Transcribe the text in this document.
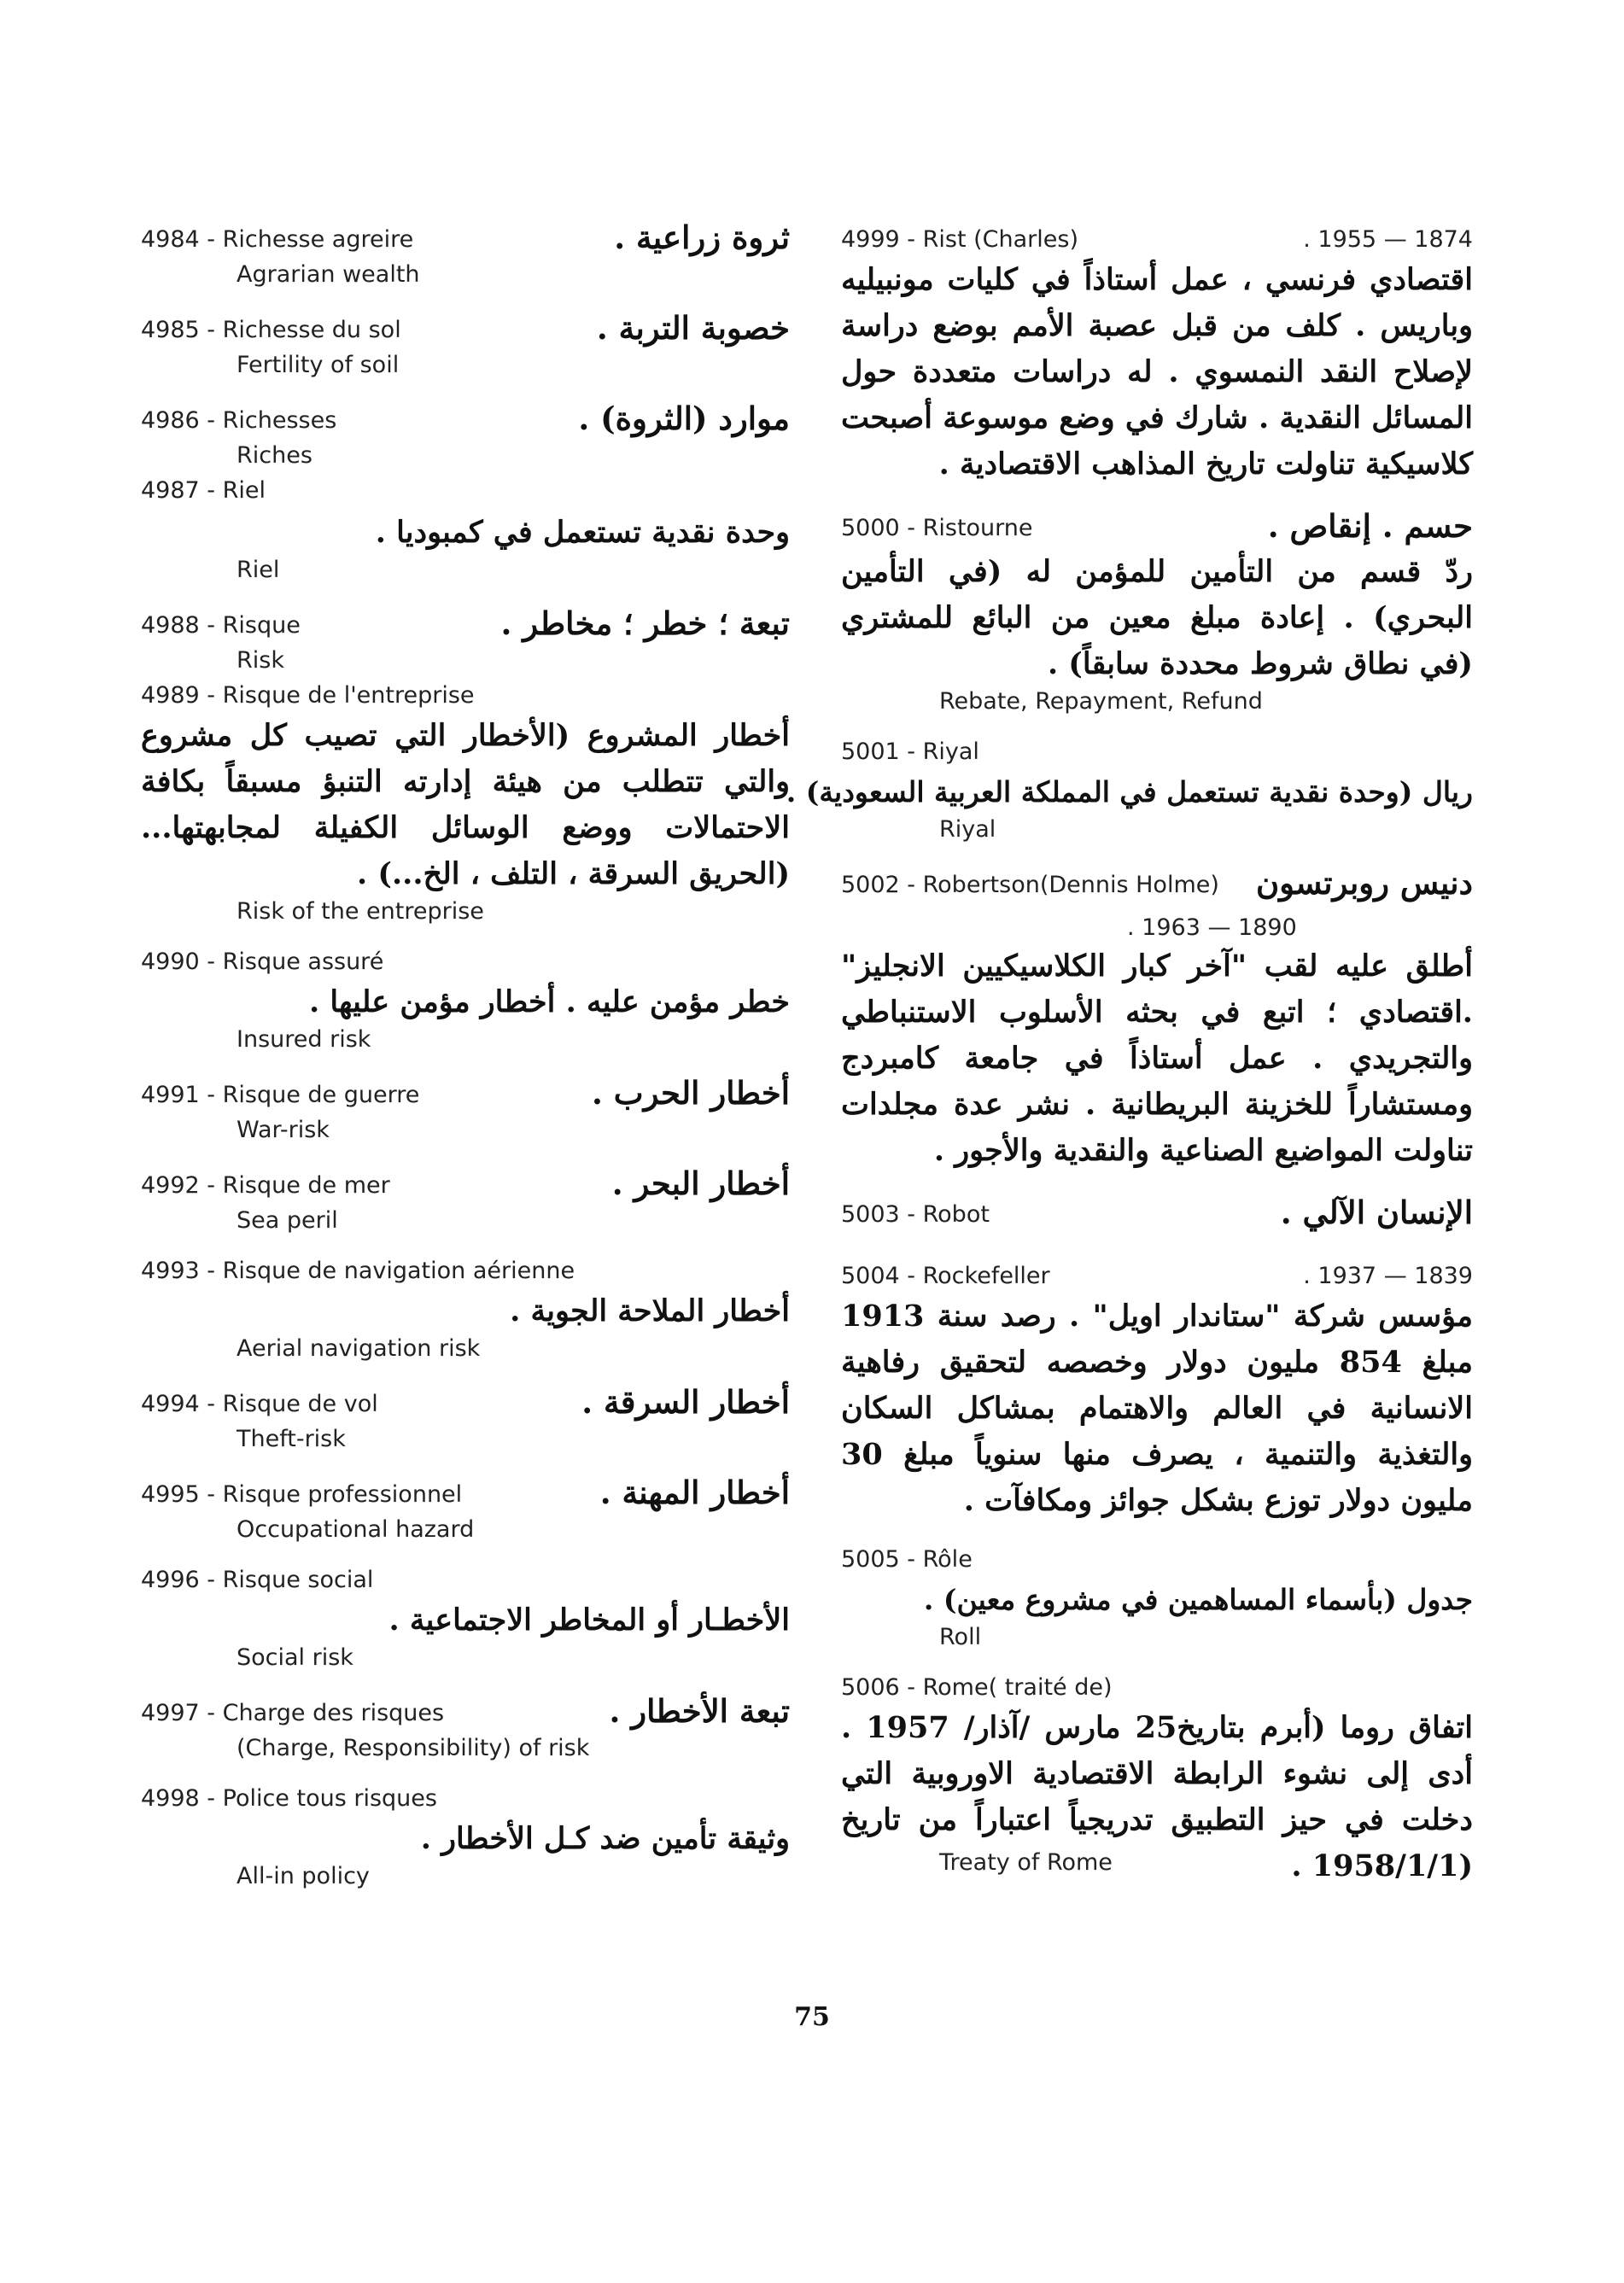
4984 - Richesse agreire	ثروة زراعية .
Agrarian wealth
4985 - Richesse du sol	خصوبة التربة .
Fertility of soil
4986 - Richesses	موارد (الثروة) .
Riches
4987 - Riel
وحدة نقدية تستعمل في كمبوديا .
Riel
4988 - Risque	تبعة ؛ خطر ؛ مخاطر .
Risk
4989 - Risque de l'entreprise
أخطار المشروع (الأخطار التي تصيب كل مشروع والتي تتطلب من هيئة إدارته التنبؤ مسبقاً بكافة الاحتمالات ووضع الوسائل الكفيلة لمجابهتها... (الحريق السرقة ، التلف ، الخ...) .
Risk of the entreprise
4990 - Risque assuré
خطر مؤمن عليه . أخطار مؤمن عليها .
Insured risk
4991 - Risque de guerre	أخطار الحرب .
War-risk
4992 - Risque de mer	أخطار البحر .
Sea peril
4993 - Risque de navigation aérienne
أخطار الملاحة الجوية .
Aerial navigation risk
4994 - Risque de vol	أخطار السرقة .
Theft-risk
4995 - Risque professionnel	أخطار المهنة .
Occupational hazard
4996 - Risque social
الأخطـار أو المخاطر الاجتماعية .
Social risk
4997 - Charge des risques	تبعة الأخطار .
(Charge, Responsibility) of risk
4998 - Police tous risques
وثيقة تأمين ضد كـل الأخطار .
All-in policy
4999 - Rist (Charles)	. 1955 — 1874
اقتصادي فرنسي ، عمل أستاذاً في كليات مونبيليه وباريس . كلف من قبل عصبة الأمم بوضع دراسة لإصلاح النقد النمسوي . له دراسات متعددة حول المسائل النقدية . شارك في وضع موسوعة أصبحت كلاسيكية تناولت تاريخ المذاهب الاقتصادية .
5000 - Ristourne	حسم . إنقاص .
ردّ قسم من التأمين للمؤمن له (في التأمين البحري) . إعادة مبلغ معين من البائع للمشتري (في نطاق شروط محددة سابقاً) .
Rebate, Repayment, Refund
5001 - Riyal
ريال (وحدة نقدية تستعمل في المملكة العربية السعودية) .
Riyal
5002 - Robertson(Dennis Holme) دنيس روبرتسون
. 1963 — 1890
أطلق عليه لقب "آخر كبار الكلاسيكيين الانجليز" .اقتصادي ؛ اتبع في بحثه الأسلوب الاستنباطي والتجريدي . عمل أستاذاً في جامعة كامبردج ومستشاراً للخزينة البريطانية . نشر عدة مجلدات تناولت المواضيع الصناعية والنقدية والأجور .
5003 - Robot	الإنسان الآلي .
5004 - Rockefeller	. 1937 — 1839
مؤسس شركة "ستاندار اويل" . رصد سنة 1913 مبلغ 854 مليون دولار وخصصه لتحقيق رفاهية الانسانية في العالم والاهتمام بمشاكل السكان والتغذية والتنمية ، يصرف منها سنوياً مبلغ 30 مليون دولار توزع بشكل جوائز ومكافآت .
5005 - Rôle
جدول (بأسماء المساهمين في مشروع معين) .
Roll
5006 - Rome( traité de)
اتفاق روما (أبرم بتاريخ25 مارس /آذار/ 1957 . أدى إلى نشوء الرابطة الاقتصادية الاوروبية التي دخلت في حيز التطبيق تدريجياً اعتباراً من تاريخ (1958/1/1 .
Treaty of Rome
75
